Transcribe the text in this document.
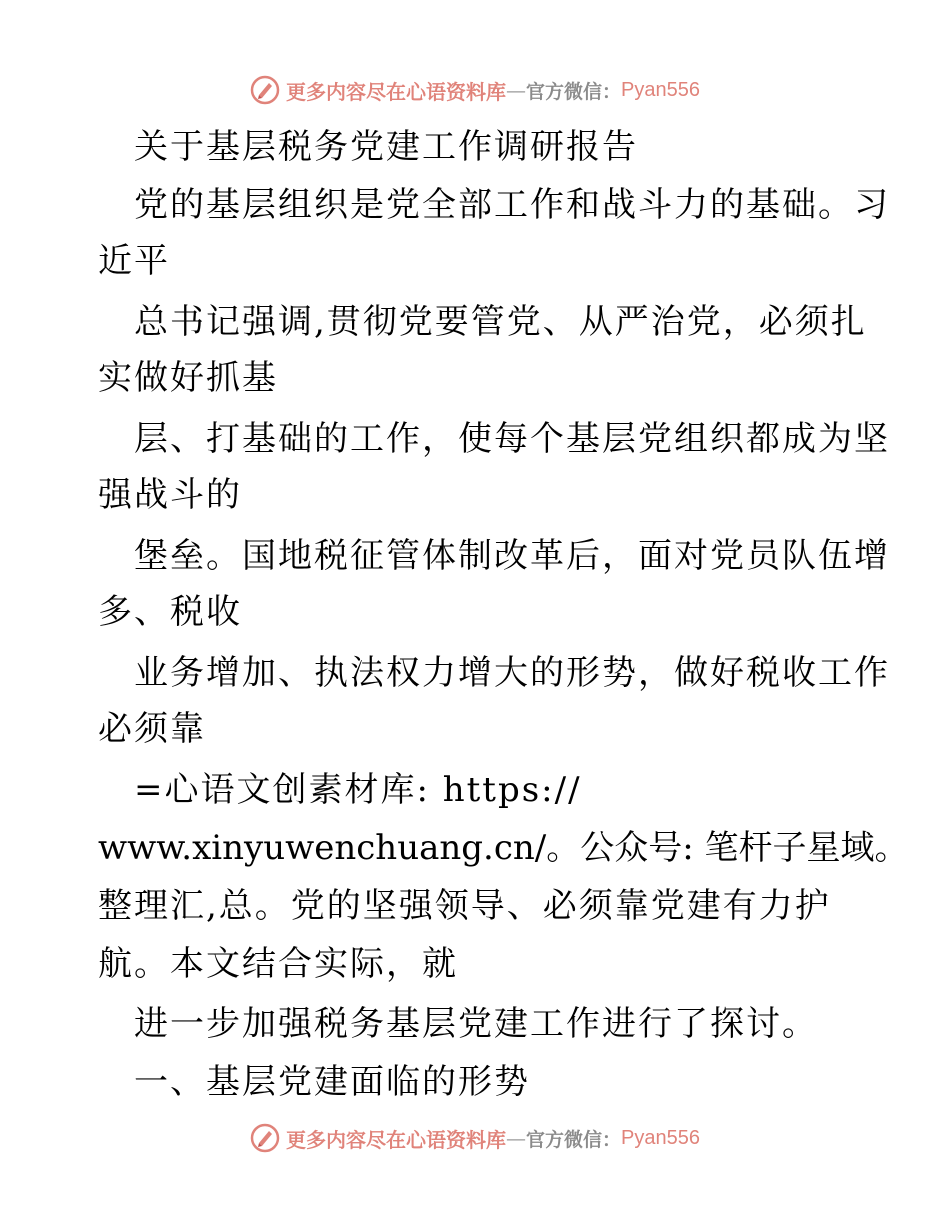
更多内容尽在心语资料库 — 官方微信： Pyan556
关于基层税务党建工作调研报告
党的基层组织是党全部工作和战斗力的基础。习
近平
总书记强调,贯彻党要管党、从严治党，必须扎
实做好抓基
层、打基础的工作，使每个基层党组织都成为坚
强战斗的
堡垒。国地税征管体制改革后，面对党员队伍增
多、税收
业务增加、执法权力增大的形势，做好税收工作
必须靠
=心语文创素材库: https://
www.xinyuwenchuang.cn/。公众号: 笔杆子星域。
整理汇,总。党的坚强领导、必须靠党建有力护
航。本文结合实际，就
进一步加强税务基层党建工作进行了探讨。
一、基层党建面临的形势
更多内容尽在心语资料库 — 官方微信： Pyan556
